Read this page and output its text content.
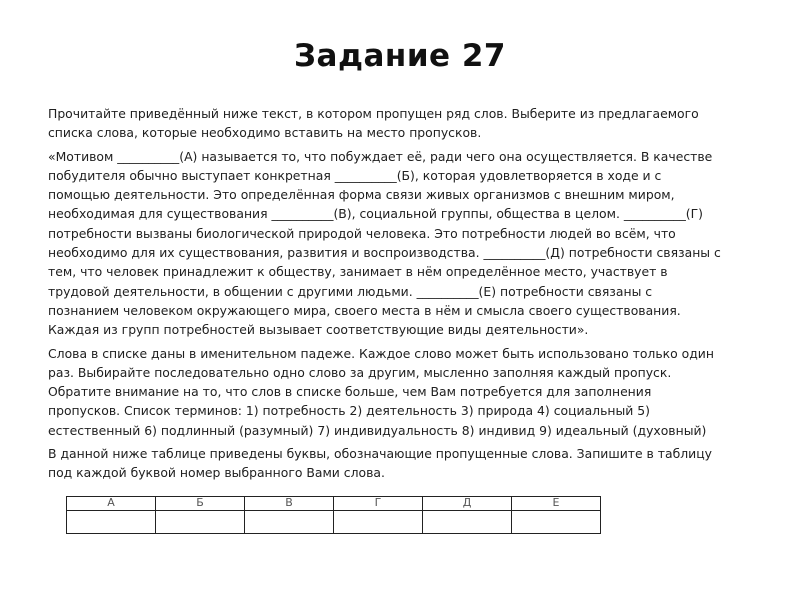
Задание 27

Прочитайте приведённый ниже текст, в котором пропущен ряд слов. Выберите из предлагаемого списка слова, которые необходимо вставить на место пропусков.

«Мотивом __________(А) называется то, что побуждает её, ради чего она осуществляется. В качестве побудителя обычно выступает конкретная __________(Б), которая удовлетворяется в ходе и с помощью деятельности. Это определённая форма связи живых организмов с внешним миром, необходимая для существования __________(В), социальной группы, общества в целом. __________(Г) потребности вызваны биологической природой человека. Это потребности людей во всём, что необходимо для их существования, развития и воспроизводства. __________(Д) потребности связаны с тем, что человек принадлежит к обществу, занимает в нём определённое место, участвует в трудовой деятельности, в общении с другими людьми. __________(Е) потребности связаны с познанием человеком окружающего мира, своего места в нём и смысла своего существования. Каждая из групп потребностей вызывает соответствующие виды деятельности».

Слова в списке даны в именительном падеже. Каждое слово может быть использовано только один раз. Выбирайте последовательно одно слово за другим, мысленно заполняя каждый пропуск. Обратите внимание на то, что слов в списке больше, чем Вам потребуется для заполнения пропусков. Список терминов: 1) потребность 2) деятельность 3) природа 4) социальный 5) естественный 6) подлинный (разумный) 7) индивидуальность 8) индивид 9) идеальный (духовный)

В данной ниже таблице приведены буквы, обозначающие пропущенные слова. Запишите в таблицу под каждой буквой номер выбранного Вами слова.

А	Б	В	Г	Д	Е
